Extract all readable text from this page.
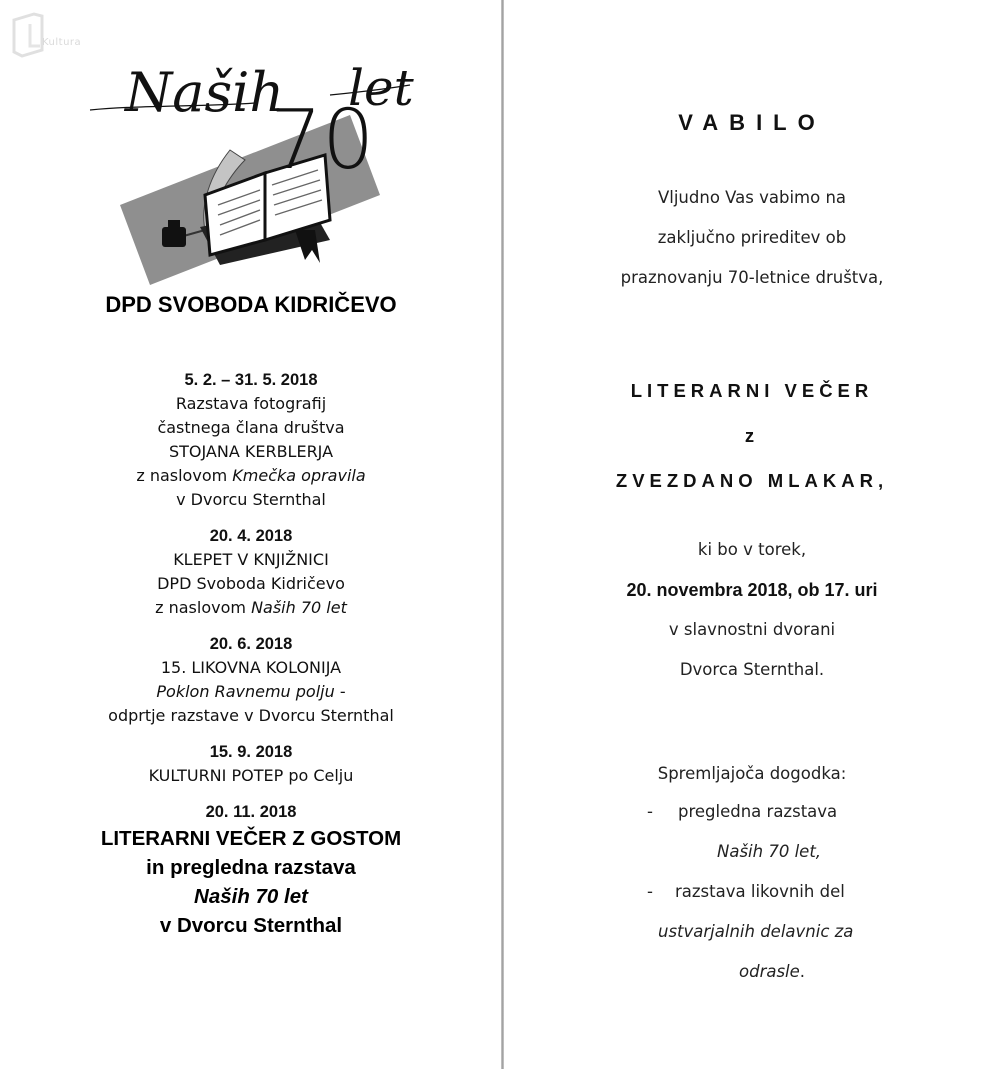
Kultura
Naših let
70
DPD SVOBODA KIDRIČEVO
5. 2. – 31. 5. 2018
Razstava fotografij
častnega člana društva
STOJANA KERBLERJA
z naslovom Kmečka opravila
v Dvorcu Sternthal
20. 4. 2018
KLEPET V KNJIŽNICI
DPD Svoboda Kidričevo
z naslovom Naših 70 let
20. 6. 2018
15. LIKOVNA KOLONIJA
Poklon Ravnemu polju -
odprtje razstave v Dvorcu Sternthal
15. 9. 2018
KULTURNI POTEP po Celju
20. 11. 2018
LITERARNI VEČER Z GOSTOM
in pregledna razstava
Naših 70 let
v Dvorcu Sternthal
VABILO
Vljudno Vas vabimo na
zaključno prireditev ob
praznovanju 70-letnice društva,
LITERARNI VEČER
z
ZVEZDANO MLAKAR,
ki bo v torek,
20. novembra 2018, ob 17. uri
v slavnostni dvorani
Dvorca Sternthal.
Spremljajoča dogodka:
- pregledna razstava
Naših 70 let,
- razstava likovnih del
ustvarjalnih delavnic za
odrasle.
